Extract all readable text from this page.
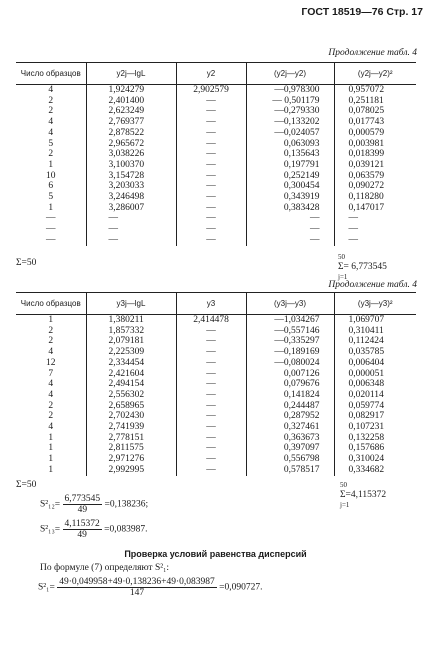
ГОСТ 18519—76 Стр. 17
Продолжение табл. 4
Число образцов	y2j—lgL	y2	(y2j—y2)	(y2j—y2)²
4	1,924279	2,902579	—0,978300	0,957072
2	2,401400	—	— 0,501179	0,251181
2	2,623249	—	—0,279330	0,078025
4	2,769377	—	—0,133202	0,017743
4	2,878522	—	—0,024057	0,000579
5	2,965672	—	0,063093	0,003981
2	3,038226	—	0,135643	0,018399
1	3,100370	—	0,197791	0,039121
10	3,154728	—	0,252149	0,063579
6	3,203033	—	0,300454	0,090272
5	3,246498	—	0,343919	0,118280
1	3,286007	—	0,383428	0,147017
—	—	—	—	—
—	—	—	—	—
—	—	—	—	—
Σ=50
50
Σ= 6,773545
j=1
Продолжение табл. 4
Число образцов	y3j—lgL	y3	(y3j—y3)	(y3j—y3)²
1	1,380211	2,414478	—1,034267	1,069707
2	1,857332	—	—0,557146	0,310411
2	2,079181	—	—0,335297	0,112424
4	2,225309	—	—0,189169	0,035785
12	2,334454	—	—0,080024	0,006404
7	2,421604	—	0,007126	0,000051
4	2,494154	—	0,079676	0,006348
4	2,556302	—	0,141824	0,020114
2	2,658965	—	0,244487	0,059774
2	2,702430	—	0,287952	0,082917
4	2,741939	—	0,327461	0,107231
1	2,778151	—	0,363673	0,132258
1	2,811575	—	0,397097	0,157686
1	2,971276	—	0,556798	0,310024
1	2,992995	—	0,578517	0,334682
Σ=50	50
Σ=4,115372
j=1
$S^2_{12}= \frac{6,773545}{49} =0,138236$;
$S^2_{13}= \frac{4,115372}{49} =0,083987$.
Проверка условий равенства дисперсий
По формуле (7) определяют S²₁:
$S^2_1= \frac{49\cdot 0,049958+49\cdot 0,138236+49\cdot 0,083987}{147} =0,090727$.
